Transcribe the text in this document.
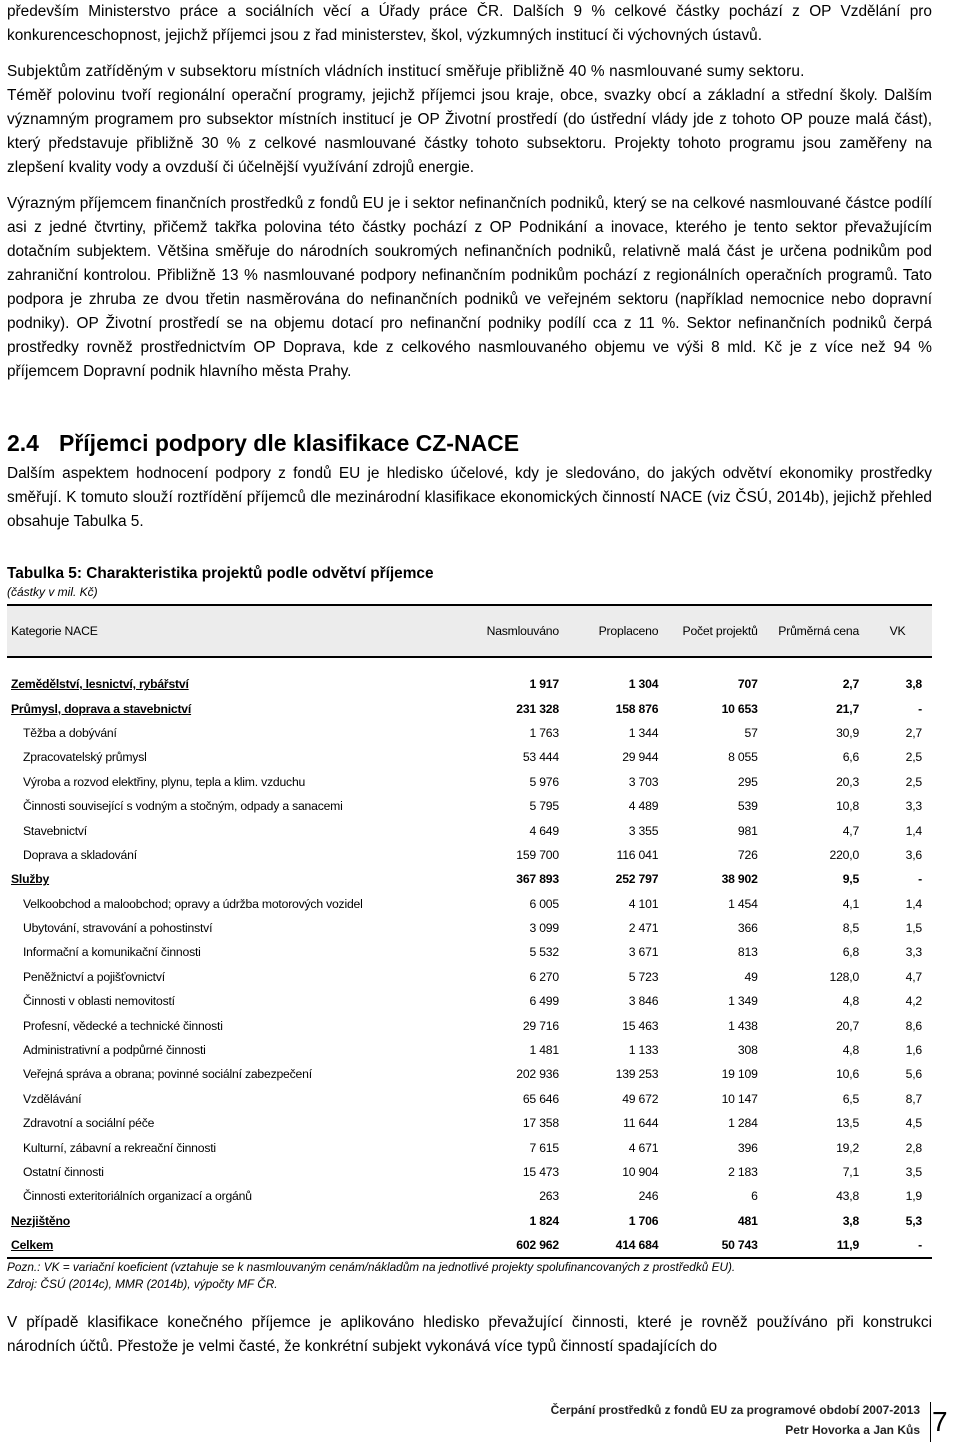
především Ministerstvo práce a sociálních věcí a Úřady práce ČR. Dalších 9 % celkové částky pochází z OP Vzdělání pro konkurenceschopnost, jejichž příjemci jsou z řad ministerstev, škol, výzkumných institucí či výchovných ústavů.

Subjektům zatříděným v subsektoru místních vládních institucí směřuje přibližně 40 % nasmlouvané sumy sektoru.

Téměř polovinu tvoří regionální operační programy, jejichž příjemci jsou kraje, obce, svazky obcí a základní a střední školy. Dalším významným programem pro subsektor místních institucí je OP Životní prostředí (do ústřední vlády jde z tohoto OP pouze malá část), který představuje přibližně 30 % z celkové nasmlouvané částky tohoto subsektoru. Projekty tohoto programu jsou zaměřeny na zlepšení kvality vody a ovzduší či účelnější využívání zdrojů energie.

Výrazným příjemcem finančních prostředků z fondů EU je i sektor nefinančních podniků, který se na celkové nasmlouvané částce podílí asi z jedné čtvrtiny, přičemž takřka polovina této částky pochází z OP Podnikání a inovace, kterého je tento sektor převažujícím dotačním subjektem. Většina směřuje do národních soukromých nefinančních podniků, relativně malá část je určena podnikům pod zahraniční kontrolou. Přibližně 13 % nasmlouvané podpory nefinančním podnikům pochází z regionálních operačních programů. Tato podpora je zhruba ze dvou třetin nasměrována do nefinančních podniků ve veřejném sektoru (například nemocnice nebo dopravní podniky). OP Životní prostředí se na objemu dotací pro nefinanční podniky podílí cca z 11 %. Sektor nefinančních podniků čerpá prostředky rovněž prostřednictvím OP Doprava, kde z celkového nasmlouvaného objemu ve výši 8 mld. Kč je z více než 94 % příjemcem Dopravní podnik hlavního města Prahy.

2.4 Příjemci podpory dle klasifikace CZ-NACE

Dalším aspektem hodnocení podpory z fondů EU je hledisko účelové, kdy je sledováno, do jakých odvětví ekonomiky prostředky směřují. K tomuto slouží roztřídění příjemců dle mezinárodní klasifikace ekonomických činností NACE (viz ČSÚ, 2014b), jejichž přehled obsahuje Tabulka 5.

Tabulka 5: Charakteristika projektů podle odvětví příjemce
(částky v mil. Kč)
Kategorie NACE	Nasmlouváno	Proplaceno	Počet projektů	Průměrná cena	VK

Zemědělství, lesnictví, rybářství	1 917	1 304	707	2,7	3,8
Průmysl, doprava a stavebnictví	231 328	158 876	10 653	21,7	-
Těžba a dobývání	1 763	1 344	57	30,9	2,7
Zpracovatelský průmysl	53 444	29 944	8 055	6,6	2,5
Výroba a rozvod elektřiny, plynu, tepla a klim. vzduchu	5 976	3 703	295	20,3	2,5
Činnosti související s vodným a stočným, odpady a sanacemi	5 795	4 489	539	10,8	3,3
Stavebnictví	4 649	3 355	981	4,7	1,4
Doprava a skladování	159 700	116 041	726	220,0	3,6
Služby	367 893	252 797	38 902	9,5	-
Velkoobchod a maloobchod; opravy a údržba motorových vozidel	6 005	4 101	1 454	4,1	1,4
Ubytování, stravování a pohostinství	3 099	2 471	366	8,5	1,5
Informační a komunikační činnosti	5 532	3 671	813	6,8	3,3
Peněžnictví a pojišťovnictví	6 270	5 723	49	128,0	4,7
Činnosti v oblasti nemovitostí	6 499	3 846	1 349	4,8	4,2
Profesní, vědecké a technické činnosti	29 716	15 463	1 438	20,7	8,6
Administrativní a podpůrné činnosti	1 481	1 133	308	4,8	1,6
Veřejná správa a obrana; povinné sociální zabezpečení	202 936	139 253	19 109	10,6	5,6
Vzdělávání	65 646	49 672	10 147	6,5	8,7
Zdravotní a sociální péče	17 358	11 644	1 284	13,5	4,5
Kulturní, zábavní a rekreační činnosti	7 615	4 671	396	19,2	2,8
Ostatní činnosti	15 473	10 904	2 183	7,1	3,5
Činnosti exteritoriálních organizací a orgánů	263	246	6	43,8	1,9
Nezjištěno	1 824	1 706	481	3,8	5,3
Celkem	602 962	414 684	50 743	11,9	-
Pozn.: VK = variační koeficient (vztahuje se k nasmlouvaným cenám/nákladům na jednotlivé projekty spolufinancovaných z prostředků EU).
Zdroj: ČSÚ (2014c), MMR (2014b), výpočty MF ČR.

V případě klasifikace konečného příjemce je aplikováno hledisko převažující činnosti, které je rovněž používáno při konstrukci národních účtů. Přestože je velmi časté, že konkrétní subjekt vykonává více typů činností spadajících do

Čerpání prostředků z fondů EU za programové období 2007-2013
Petr Hovorka a Jan Kůs 7
